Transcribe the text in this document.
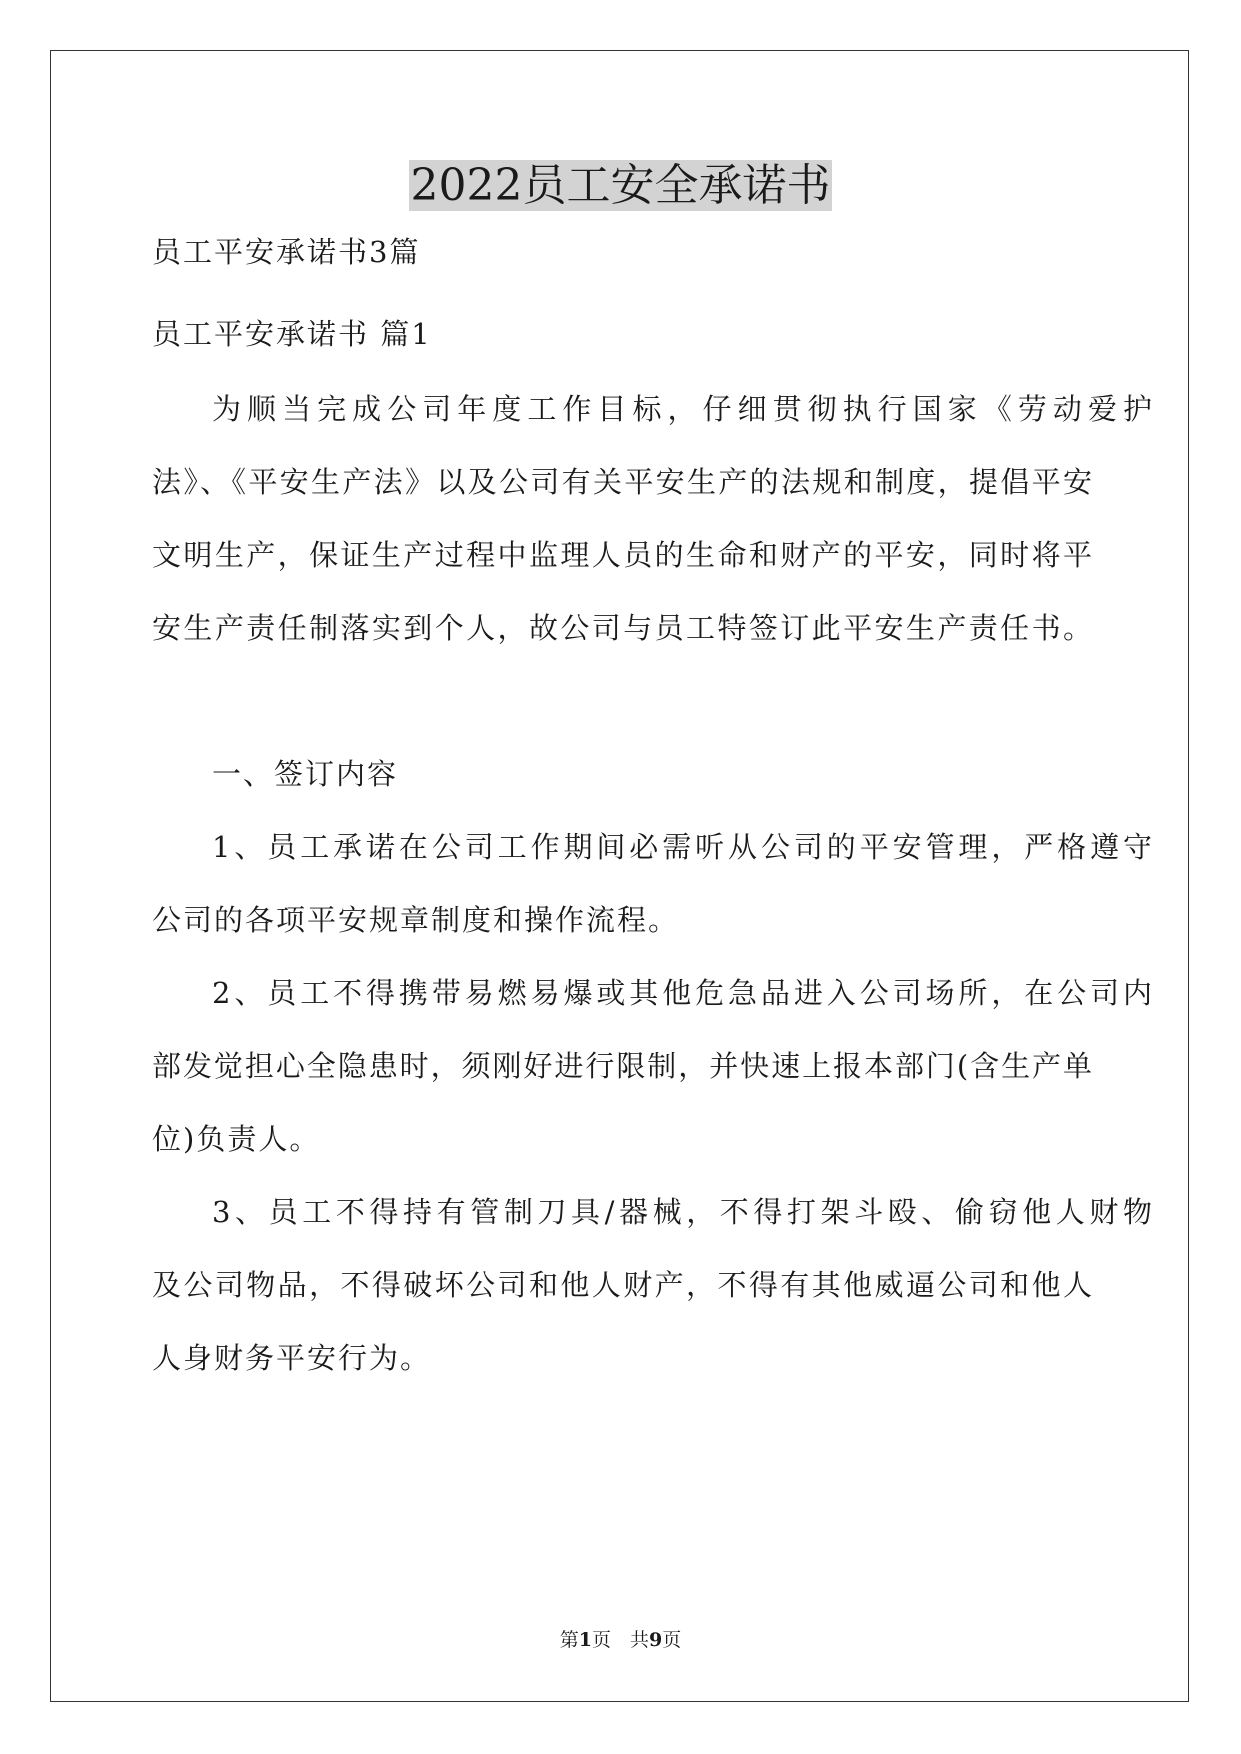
2022员工安全承诺书
员工平安承诺书3篇
员工平安承诺书 篇1
为顺当完成公司年度工作目标，仔细贯彻执行国家《劳动爱护
法》、《平安生产法》以及公司有关平安生产的法规和制度，提倡平安
文明生产，保证生产过程中监理人员的生命和财产的平安，同时将平
安生产责任制落实到个人，故公司与员工特签订此平安生产责任书。
一、签订内容
1、员工承诺在公司工作期间必需听从公司的平安管理，严格遵守
公司的各项平安规章制度和操作流程。
2、员工不得携带易燃易爆或其他危急品进入公司场所，在公司内
部发觉担心全隐患时，须刚好进行限制，并快速上报本部门(含生产单
位)负责人。
3、员工不得持有管制刀具/器械，不得打架斗殴、偷窃他人财物
及公司物品，不得破坏公司和他人财产，不得有其他威逼公司和他人
人身财务平安行为。
第1页　共9页
